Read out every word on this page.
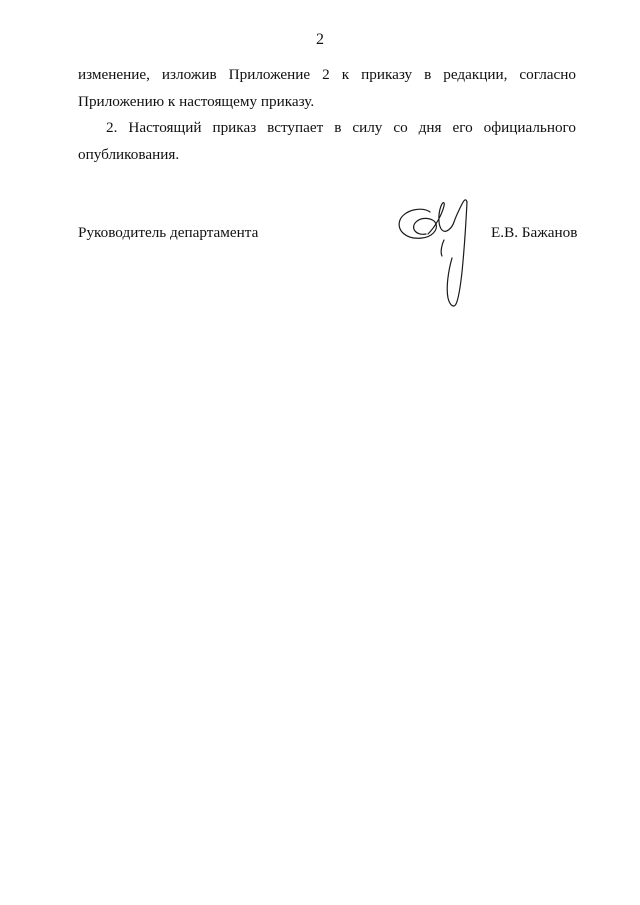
2

изменение, изложив Приложение 2 к приказу в редакции, согласно Приложению к настоящему приказу.

2. Настоящий приказ вступает в силу со дня его официального опубликования.

Руководитель департамента	Е.В. Бажанов
